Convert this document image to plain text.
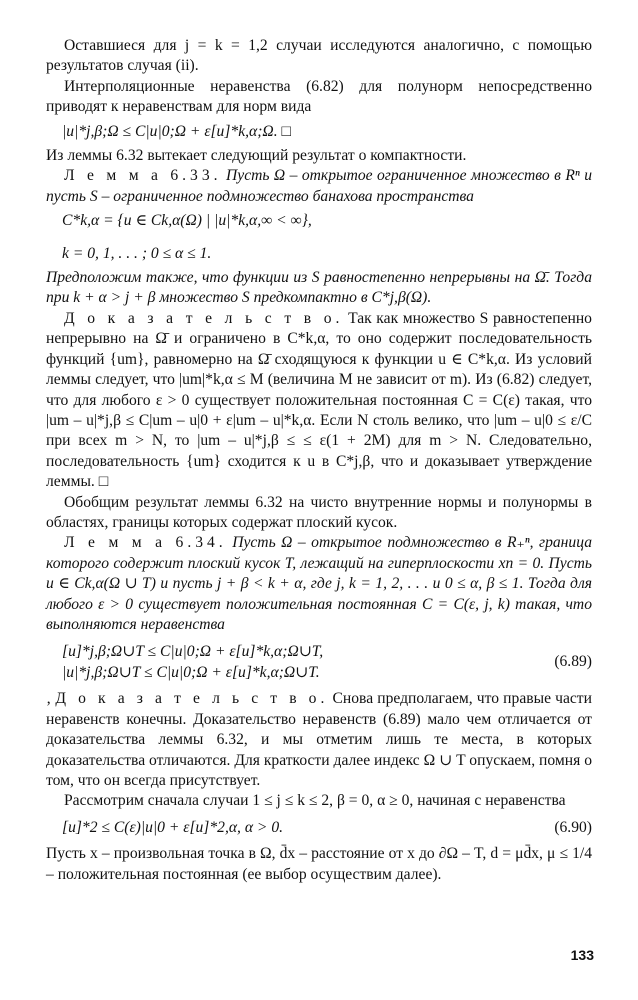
Оставшиеся для j = k = 1,2 случаи исследуются аналогично, с помощью результатов случая (ii).

Интерполяционные неравенства (6.82) для полунорм непосредственно приводят к неравенствам для норм вида

|u|*j,β;Ω ≤ C|u|0;Ω + ε[u]*k,α;Ω. □

Из леммы 6.32 вытекает следующий результат о компактности.

Л е м м а 6.33. Пусть Ω – открытое ограниченное множество в Rⁿ и пусть S – ограниченное подмножество банахова пространства

C*k,α = {u ∈ Ck,α(Ω) | |u|*k,α,∞ < ∞},

k = 0, 1, . . . ; 0 ≤ α ≤ 1.

Предположим также, что функции из S равностепенно непрерывны на Ω̄. Тогда при k + α > j + β множество S предкомпактно в C*j,β(Ω).

Д о к а з а т е л ь с т в о. Так как множество S равностепенно непрерывно на Ω̄ и ограничено в C*k,α, то оно содержит последовательность функций {um}, равномерно на Ω̄ сходящуюся к функции u ∈ C*k,α. Из условий леммы следует, что |um|*k,α ≤ M (величина M не зависит от m). Из (6.82) следует, что для любого ε > 0 существует положительная постоянная C = C(ε) такая, что |um – u|*j,β ≤ C|um – u|0 + ε|um – u|*k,α. Если N столь велико, что |um – u|0 ≤ ε/C при всех m > N, то |um – u|*j,β ≤ ≤ ε(1 + 2M) для m > N. Следовательно, последовательность {um} сходится к u в C*j,β, что и доказывает утверждение леммы. □

Обобщим результат леммы 6.32 на чисто внутренние нормы и полунормы в областях, границы которых содержат плоский кусок.

Л е м м а 6.34. Пусть Ω – открытое подмножество в R₊ⁿ, граница которого содержит плоский кусок T, лежащий на гиперплоскости xn = 0. Пусть u ∈ Ck,α(Ω ∪ T) и пусть j + β < k + α, где j, k = 1, 2, . . . и 0 ≤ α, β ≤ 1. Тогда для любого ε > 0 существует положительная постоянная C = C(ε, j, k) такая, что выполняются неравенства

[u]*j,β;Ω∪T ≤ C|u|0;Ω + ε[u]*k,α;Ω∪T,

|u|*j,β;Ω∪T ≤ C|u|0;Ω + ε[u]*k,α;Ω∪T.

(6.89)

‚ Д о к а з а т е л ь с т в о. Снова предполагаем, что правые части неравенств конечны. Доказательство неравенств (6.89) мало чем отличается от доказательства леммы 6.32, и мы отметим лишь те места, в которых доказательства отличаются. Для краткости далее индекс Ω ∪ T опускаем, помня о том, что он всегда присутствует.

Рассмотрим сначала случаи 1 ≤ j ≤ k ≤ 2, β = 0, α ≥ 0, начиная с неравенства

[u]*2 ≤ C(ε)|u|0 + ε[u]*2,α, α > 0.	(6.90)

Пусть x – произвольная точка в Ω, d̄x – расстояние от x до ∂Ω – T, d = μd̄x, μ ≤ 1/4 – положительная постоянная (ее выбор осуществим далее).

133
